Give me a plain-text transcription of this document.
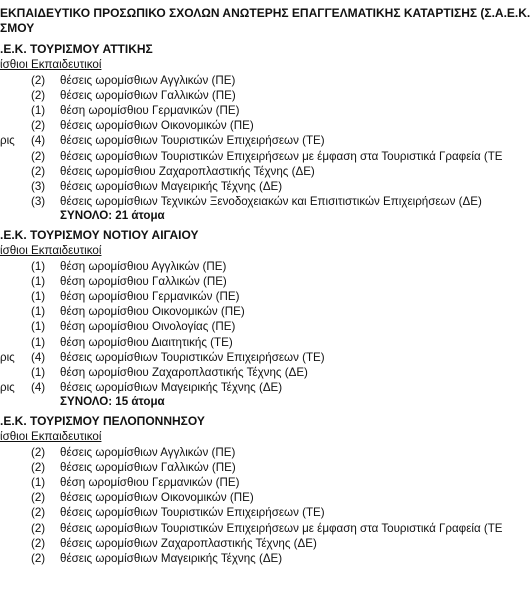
ΕΚΠΑΙΔΕΥΤΙΚΟ ΠΡΟΣΩΠΙΚΟ ΣΧΟΛΩΝ ΑΝΩΤΕΡΗΣ ΕΠΑΓΓΕΛΜΑΤΙΚΗΣ ΚΑΤΑΡΤΙΣΗΣ (Σ.Α.Ε.Κ.
ΣΜΟΥ
.Ε.Κ. ΤΟΥΡΙΣΜΟΥ ΑΤΤΙΚΗΣ
ίσθιοι Εκπαιδευτικοί
(2) θέσεις ωρομίσθιων Αγγλικών (ΠΕ)
(2) θέσεις ωρομίσθιων Γαλλικών (ΠΕ)
(1) θέση ωρομίσθιου Γερμανικών (ΠΕ)
(2) θέσεις ωρομίσθιων Οικονομικών (ΠΕ)
ρις (4) θέσεις ωρομίσθιων Τουριστικών Επιχειρήσεων (ΤΕ)
(2) θέσεις ωρομίσθιων Τουριστικών Επιχειρήσεων με έμφαση στα Τουριστικά Γραφεία (ΤΕ
(2) θέσεις ωρομίσθιου Ζαχαροπλαστικής Τέχνης (ΔΕ)
(3) θέσεις ωρομίσθιων Μαγειρικής Τέχνης (ΔΕ)
(3) θέσεις ωρομίσθιων Τεχνικών Ξενοδοχειακών και Επισιτιστικών Επιχειρήσεων (ΔΕ)
ΣΥΝΟΛΟ: 21 άτομα
.Ε.Κ. ΤΟΥΡΙΣΜΟΥ ΝΟΤΙΟΥ ΑΙΓΑΙΟΥ
ίσθιοι Εκπαιδευτικοί
(1) θέση ωρομίσθιου Αγγλικών (ΠΕ)
(1) θέση ωρομίσθιου Γαλλικών (ΠΕ)
(1) θέση ωρομίσθιου Γερμανικών (ΠΕ)
(1) θέση ωρομίσθιου Οικονομικών (ΠΕ)
(1) θέση ωρομίσθιου Οινολογίας (ΠΕ)
(1) θέση ωρομίσθιου Διαιτητικής (ΤΕ)
ρις (4) θέσεις ωρομίσθιων Τουριστικών Επιχειρήσεων (ΤΕ)
(1) θέση ωρομίσθιου Ζαχαροπλαστικής Τέχνης (ΔΕ)
ρις (4) θέσεις ωρομίσθιων Μαγειρικής Τέχνης (ΔΕ)
ΣΥΝΟΛΟ: 15 άτομα
.Ε.Κ. ΤΟΥΡΙΣΜΟΥ ΠΕΛΟΠΟΝΝΗΣΟΥ
ίσθιοι Εκπαιδευτικοί
(2) θέσεις ωρομίσθιων Αγγλικών (ΠΕ)
(2) θέσεις ωρομίσθιων Γαλλικών (ΠΕ)
(1) θέση ωρομίσθιου Γερμανικών (ΠΕ)
(2) θέσεις ωρομίσθιων Οικονομικών (ΠΕ)
(2) θέσεις ωρομίσθιων Τουριστικών Επιχειρήσεων (ΤΕ)
(2) θέσεις ωρομίσθιων Τουριστικών Επιχειρήσεων με έμφαση στα Τουριστικά Γραφεία (ΤΕ
(2) θέσεις ωρομίσθιων Ζαχαροπλαστικής Τέχνης (ΔΕ)
(2) θέσεις ωρομίσθιων Μαγειρικής Τέχνης (ΔΕ)
